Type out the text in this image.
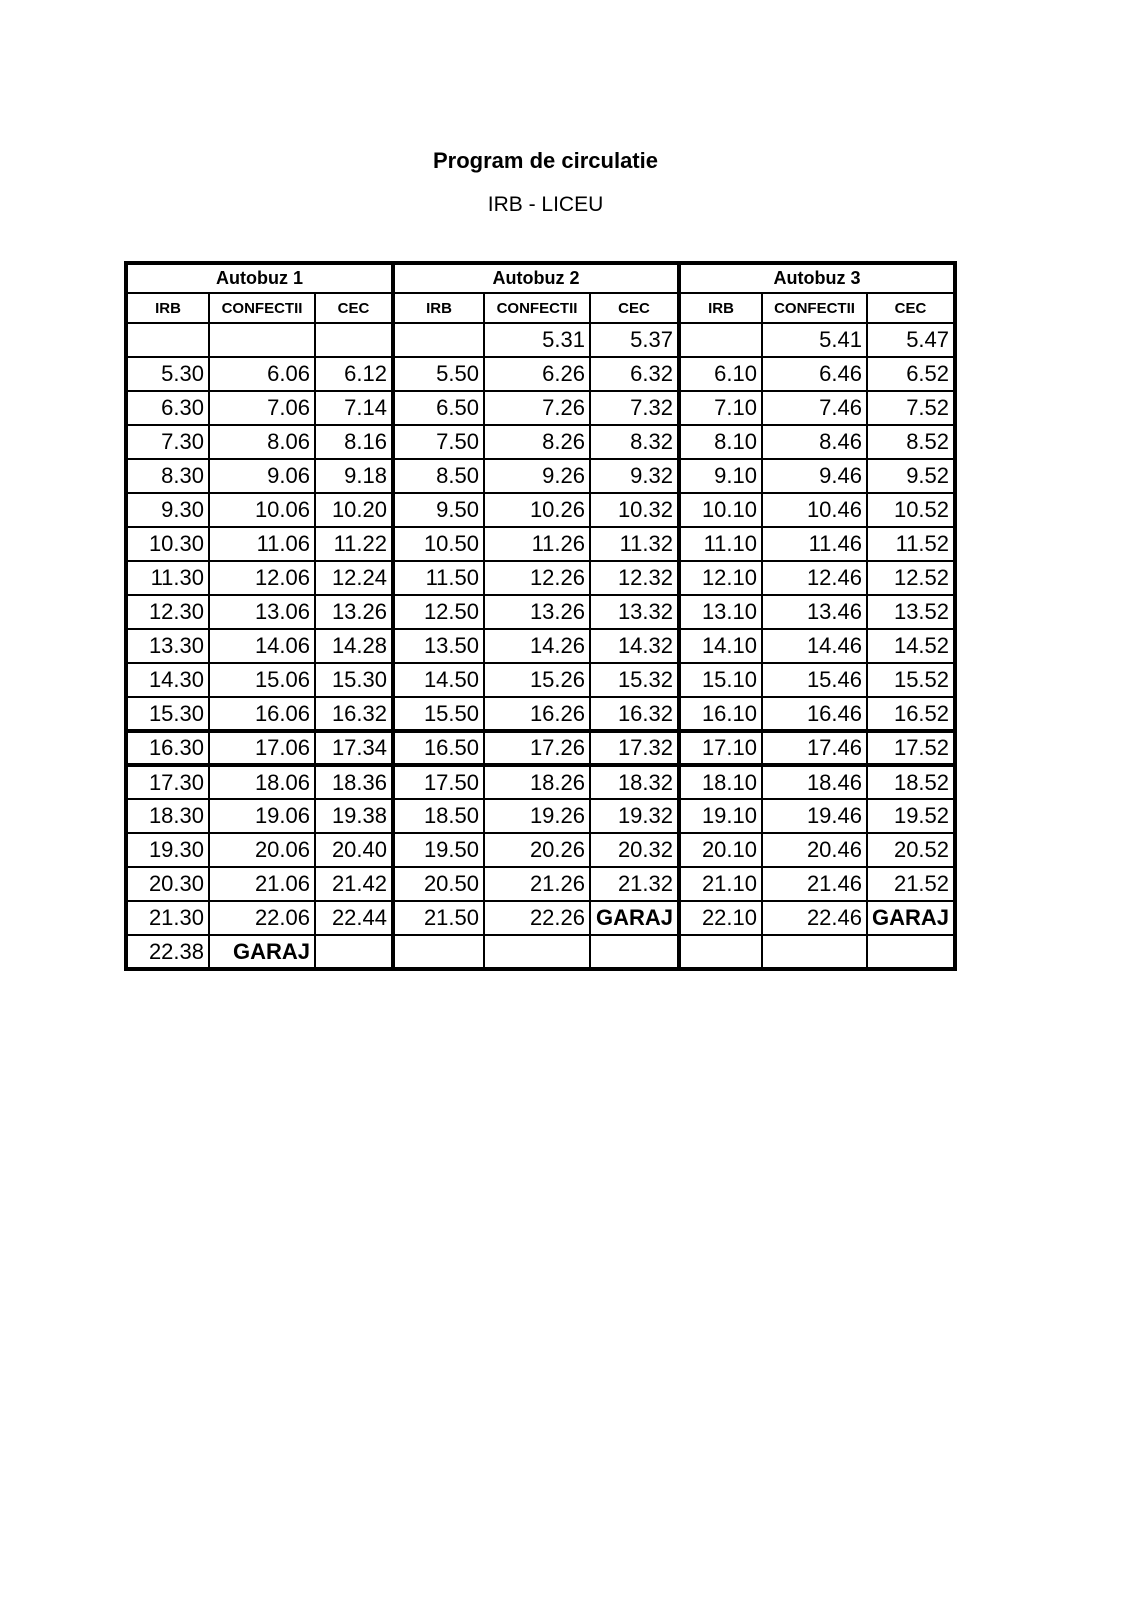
Program de circulatie
IRB - LICEU
Autobuz 1			Autobuz 2			Autobuz 3		
IRB	CONFECTII	CEC	IRB	CONFECTII	CEC	IRB	CONFECTII	CEC
				5.31	5.37		5.41	5.47
5.30	6.06	6.12	5.50	6.26	6.32	6.10	6.46	6.52
6.30	7.06	7.14	6.50	7.26	7.32	7.10	7.46	7.52
7.30	8.06	8.16	7.50	8.26	8.32	8.10	8.46	8.52
8.30	9.06	9.18	8.50	9.26	9.32	9.10	9.46	9.52
9.30	10.06	10.20	9.50	10.26	10.32	10.10	10.46	10.52
10.30	11.06	11.22	10.50	11.26	11.32	11.10	11.46	11.52
11.30	12.06	12.24	11.50	12.26	12.32	12.10	12.46	12.52
12.30	13.06	13.26	12.50	13.26	13.32	13.10	13.46	13.52
13.30	14.06	14.28	13.50	14.26	14.32	14.10	14.46	14.52
14.30	15.06	15.30	14.50	15.26	15.32	15.10	15.46	15.52
15.30	16.06	16.32	15.50	16.26	16.32	16.10	16.46	16.52
16.30	17.06	17.34	16.50	17.26	17.32	17.10	17.46	17.52
17.30	18.06	18.36	17.50	18.26	18.32	18.10	18.46	18.52
18.30	19.06	19.38	18.50	19.26	19.32	19.10	19.46	19.52
19.30	20.06	20.40	19.50	20.26	20.32	20.10	20.46	20.52
20.30	21.06	21.42	20.50	21.26	21.32	21.10	21.46	21.52
21.30	22.06	22.44	21.50	22.26	GARAJ	22.10	22.46	GARAJ
22.38	GARAJ							
